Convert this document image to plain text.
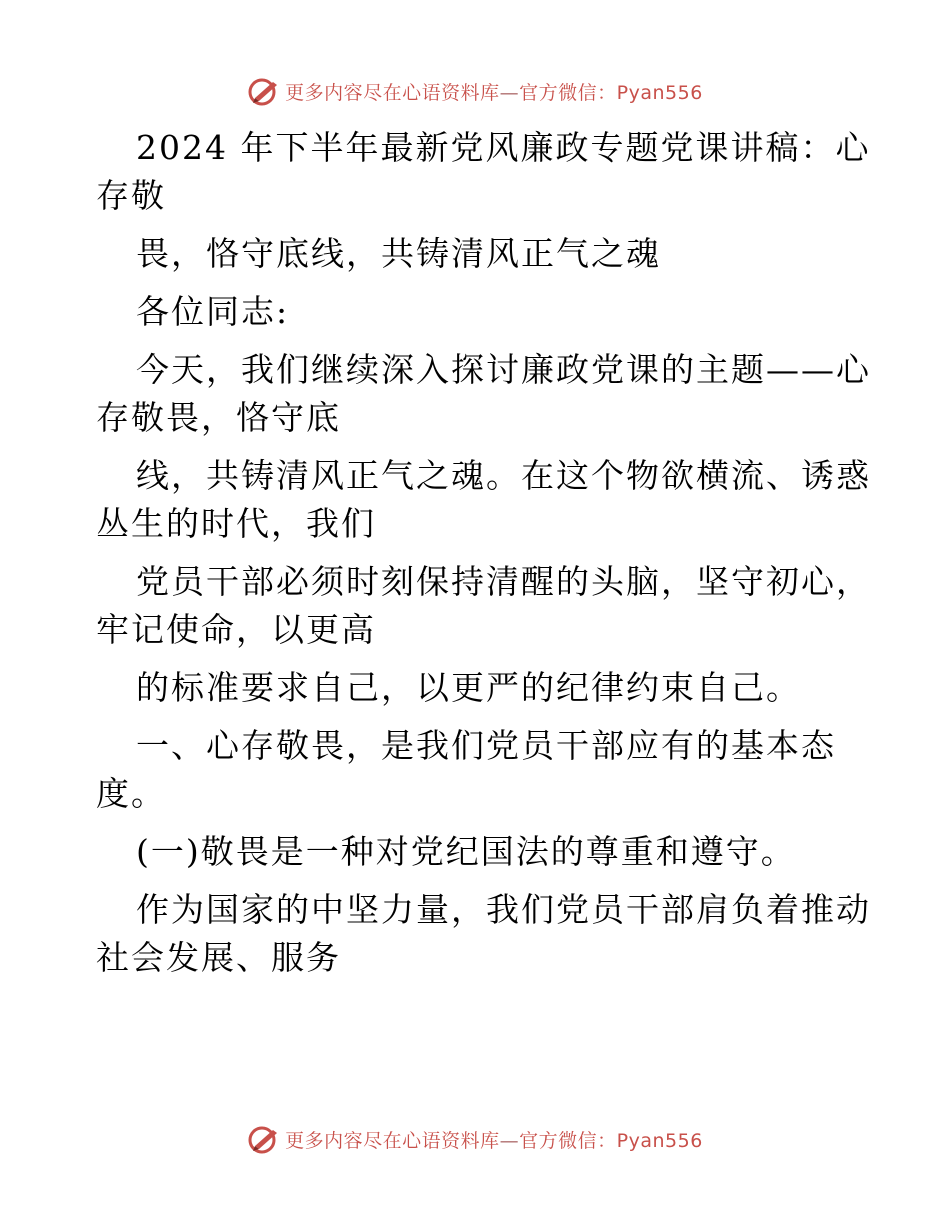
更多内容尽在心语资料库—官方微信：Pyan556
2024 年下半年最新党风廉政专题党课讲稿：心
存敬
畏，恪守底线，共铸清风正气之魂
各位同志:
今天，我们继续深入探讨廉政党课的主题——心
存敬畏，恪守底
线，共铸清风正气之魂。在这个物欲横流、诱惑
丛生的时代，我们
党员干部必须时刻保持清醒的头脑，坚守初心，
牢记使命，以更高
的标准要求自己，以更严的纪律约束自己。
一、心存敬畏，是我们党员干部应有的基本态
度。
(一)敬畏是一种对党纪国法的尊重和遵守。
作为国家的中坚力量，我们党员干部肩负着推动
社会发展、服务
更多内容尽在心语资料库—官方微信：Pyan556
